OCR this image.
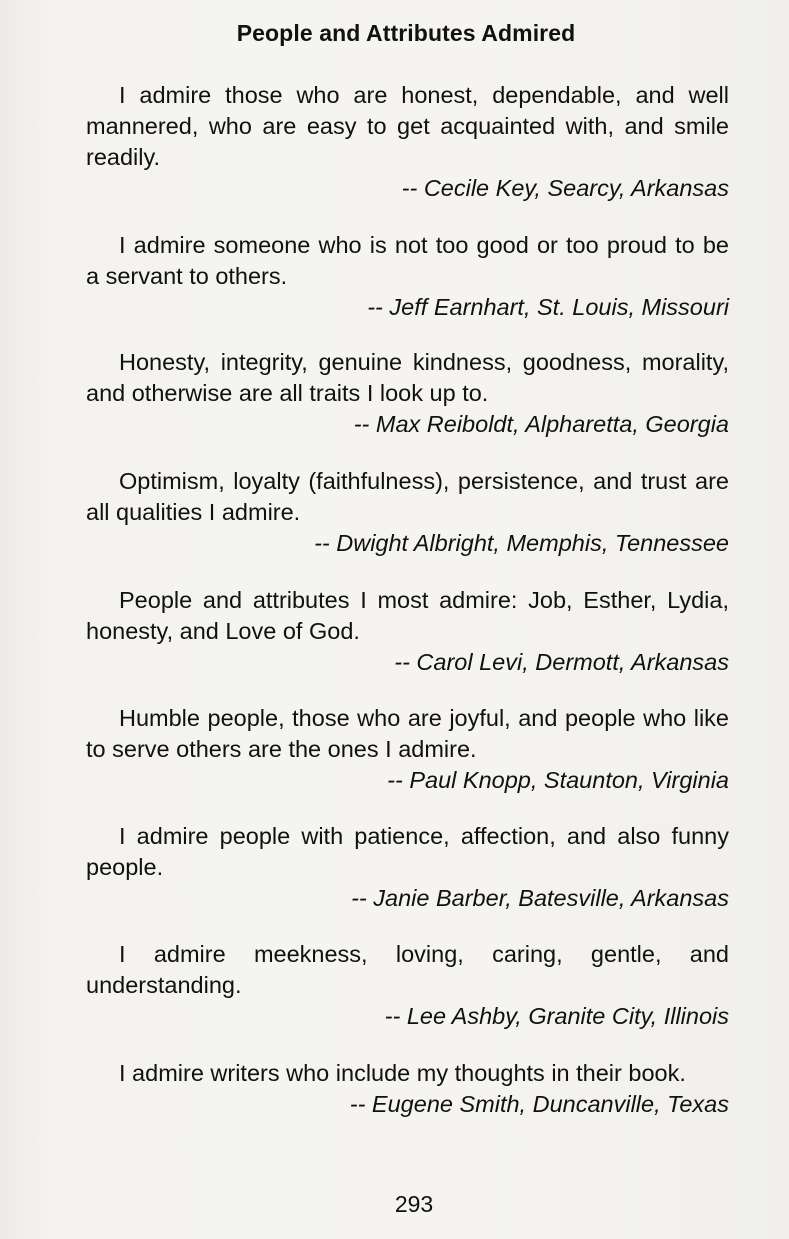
People and Attributes Admired

I admire those who are honest, dependable, and well mannered, who are easy to get acquainted with, and smile readily.

-- Cecile Key, Searcy, Arkansas

I admire someone who is not too good or too proud to be a servant to others.

-- Jeff Earnhart, St. Louis, Missouri

Honesty, integrity, genuine kindness, goodness, morality, and otherwise are all traits I look up to.

-- Max Reiboldt, Alpharetta, Georgia

Optimism, loyalty (faithfulness), persistence, and trust are all qualities I admire.

-- Dwight Albright, Memphis, Tennessee

People and attributes I most admire: Job, Esther, Lydia, honesty, and Love of God.

-- Carol Levi, Dermott, Arkansas

Humble people, those who are joyful, and people who like to serve others are the ones I admire.

-- Paul Knopp, Staunton, Virginia

I admire people with patience, affection, and also funny people.

-- Janie Barber, Batesville, Arkansas

I admire meekness, loving, caring, gentle, and understanding.

-- Lee Ashby, Granite City, Illinois

I admire writers who include my thoughts in their book.

-- Eugene Smith, Duncanville, Texas

293
